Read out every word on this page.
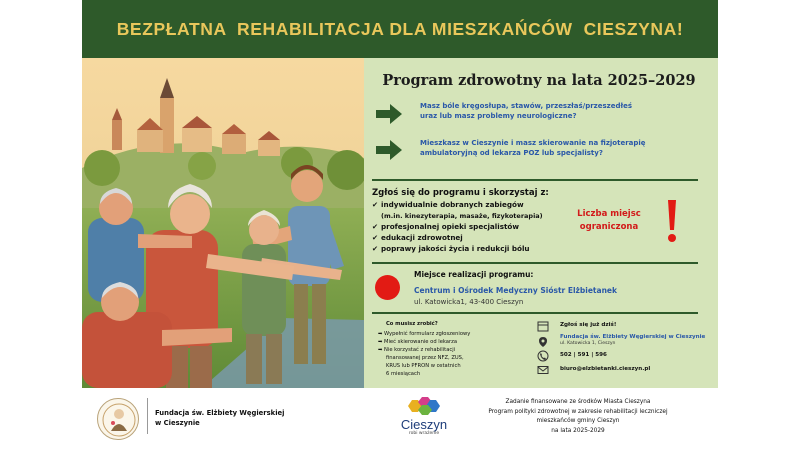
BEZPŁATNA  REHABILITACJA DLA MIESZKAŃCÓW  CIESZYNA!
Program zdrowotny na lata 2025–2029
Masz bóle kręgosłupa, stawów, przeszłaś/przeszedłeś
uraz lub masz problemy neurologiczne?
Mieszkasz w Cieszynie i masz skierowanie na fizjoterapię
ambulatoryjną od lekarza POZ lub specjalisty?
Zgłoś się do programu i skorzystaj z:
✔ indywidualnie dobranych zabiegów
(m.in. kinezyterapia, masaże, fizykoterapia)
✔ profesjonalnej opieki specjalistów
✔ edukacji zdrowotnej
✔ poprawy jakości życia i redukcji bólu
Liczba miejsc
ograniczona
Miejsce realizacji programu:
Centrum i Ośrodek Medyczny Sióstr Elżbietanek
ul. Katowicka1, 43-400 Cieszyn
Co musisz zrobić?
➡ Wypełnić formularz zgłoszeniowy
➡ Mieć skierowanie od lekarza
➡ Nie korzystać z rehabilitacji
finansowanej przez NFZ, ZUS,
KRUS lub PFRON w ostatnich
6 miesiącach
Zgłoś się już dziś!
Fundacja św. Elżbiety Węgierskiej w Cieszynie
ul. Katowicka 1, Cieszyn
502 | 591 | 596
biuro@elzbietanki.cieszyn.pl
Fundacja św. Elżbiety Węgierskiej
w Cieszynie	Cieszyn
robi wrażenie
Zadanie finansowane ze środków Miasta Cieszyna
Program polityki zdrowotnej w zakresie rehabilitacji leczniczej
mieszkańców gminy Cieszyn
na lata 2025-2029
